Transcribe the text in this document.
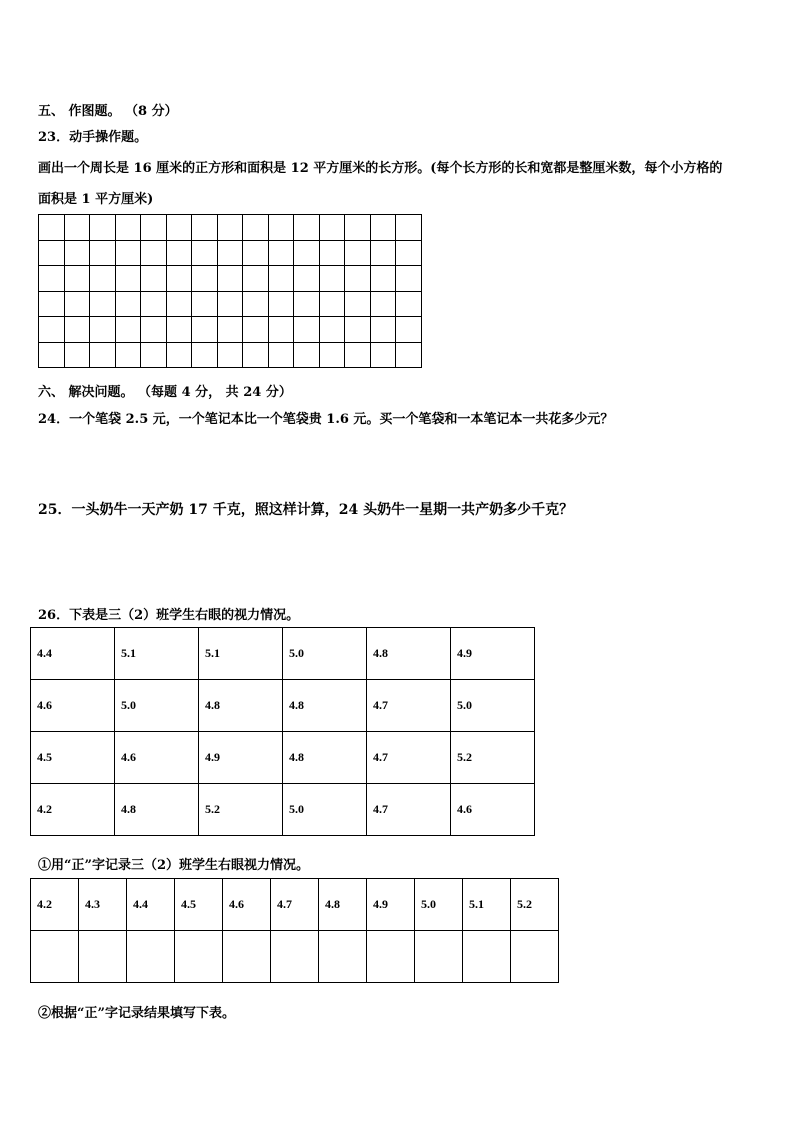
五、 作图题。 （8 分）
23．动手操作题。
画出一个周长是 16 厘米的正方形和面积是 12 平方厘米的长方形。(每个长方形的长和宽都是整厘米数，每个小方格的
面积是 1 平方厘米)

六、 解决问题。 （每题 4 分， 共 24 分）
24．一个笔袋 2.5 元，一个笔记本比一个笔袋贵 1.6 元。买一个笔袋和一本笔记本一共花多少元？
25．一头奶牛一天产奶 17 千克，照这样计算，24 头奶牛一星期一共产奶多少千克？
26．下表是三（2）班学生右眼的视力情况。
4.4	5.1	5.1	5.0	4.8	4.9
4.6	5.0	4.8	4.8	4.7	5.0
4.5	4.6	4.9	4.8	4.7	5.2
4.2	4.8	5.2	5.0	4.7	4.6
①用“正”字记录三（2）班学生右眼视力情况。
4.2	4.3	4.4	4.5	4.6	4.7	4.8	4.9	5.0	5.1	5.2

②根据“正”字记录结果填写下表。
